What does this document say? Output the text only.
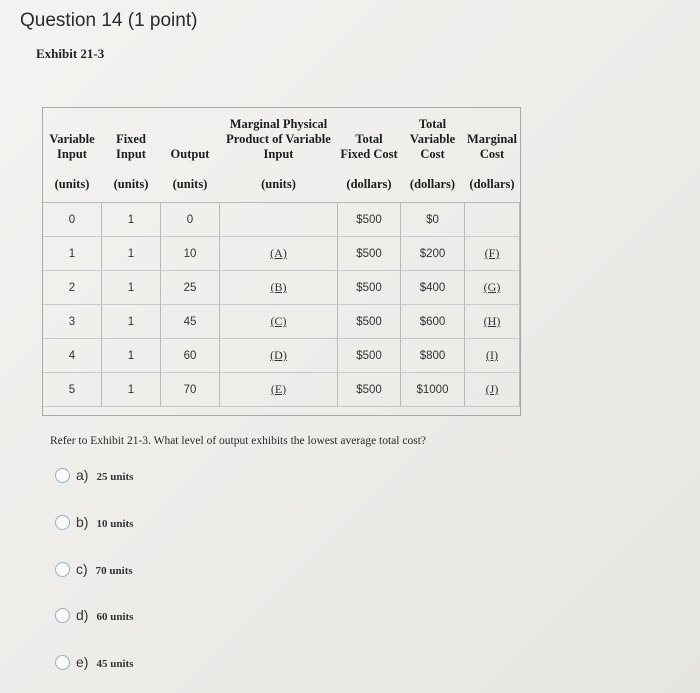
Question 14 (1 point)
Exhibit 21-3
Variable Input	Fixed Input	Output	Marginal Physical Product of Variable Input	Total Fixed Cost	Total Variable Cost	Marginal Cost
(units)	(units)	(units)	(units)	(dollars)	(dollars)	(dollars)
0	1	0		$500	$0	
1	1	10	(A)	$500	$200	(F)
2	1	25	(B)	$500	$400	(G)
3	1	45	(C)	$500	$600	(H)
4	1	60	(D)	$500	$800	(I)
5	1	70	(E)	$500	$1000	(J)
Refer to Exhibit 21-3. What level of output exhibits the lowest average total cost?
a) 25 units
b) 10 units
c) 70 units
d) 60 units
e) 45 units
